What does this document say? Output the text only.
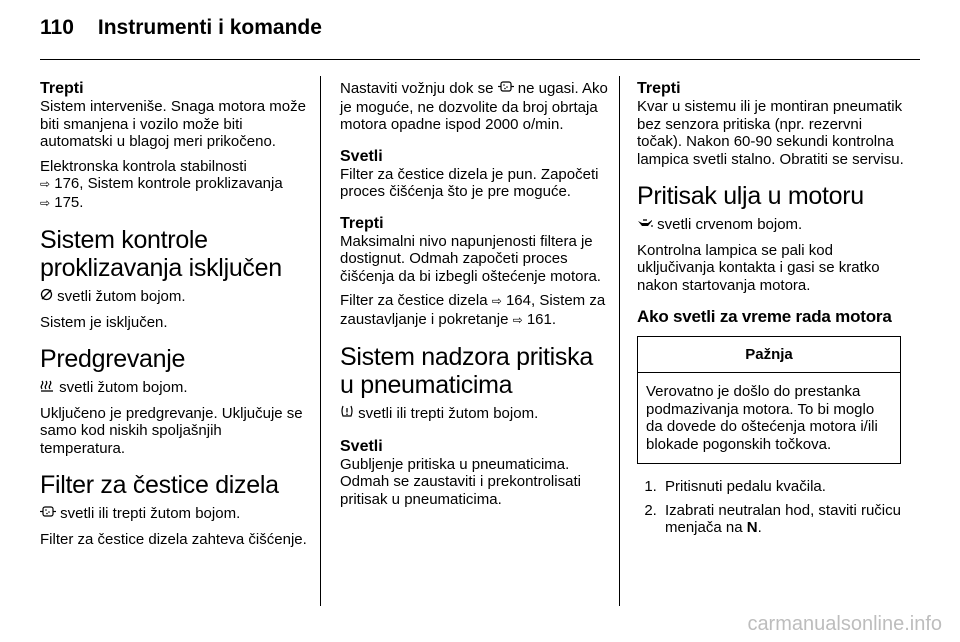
110 Instrumenti i komande
Trepti

Sistem interveniše. Snaga motora može biti smanjena i vozilo može biti automatski u blagoj meri prikočeno.

Elektronska kontrola stabilnosti
⇨ 176, Sistem kontrole proklizavanja
⇨ 175.

Sistem kontrole proklizavanja isključen

svetli žutom bojom.

Sistem je isključen.

Predgrevanje

svetli žutom bojom.

Uključeno je predgrevanje. Uključuje se samo kod niskih spoljašnjih temperatura.

Filter za čestice dizela

svetli ili trepti žutom bojom.

Filter za čestice dizela zahteva čišćenje.

Nastaviti vožnju dok se ne ugasi. Ako je moguće, ne dozvolite da broj obrtaja motora opadne ispod 2000 o/min.

Svetli

Filter za čestice dizela je pun. Započeti proces čišćenja što je pre moguće.

Trepti

Maksimalni nivo napunjenosti filtera je dostignut. Odmah započeti proces čišćenja da bi izbegli oštećenje motora.

Filter za čestice dizela ⇨ 164, Sistem za zaustavljanje i pokretanje ⇨ 161.

Sistem nadzora pritiska u pneumaticima

svetli ili trepti žutom bojom.

Svetli

Gubljenje pritiska u pneumaticima. Odmah se zaustaviti i prekontrolisati pritisak u pneumaticima.

Trepti

Kvar u sistemu ili je montiran pneumatik bez senzora pritiska (npr. rezervni točak). Nakon 60-90 sekundi kontrolna lampica svetli stalno. Obratiti se servisu.

Pritisak ulja u motoru

svetli crvenom bojom.

Kontrolna lampica se pali kod uključivanja kontakta i gasi se kratko nakon startovanja motora.

Ako svetli za vreme rada motora
Pažnja
Verovatno je došlo do prestanka podmazivanja motora. To bi moglo da dovede do oštećenja motora i/ili blokade pogonskih točkova.
1. Pritisnuti pedalu kvačila.
2. Izabrati neutralan hod, staviti ručicu menjača na N.
carmanualsonline.info
